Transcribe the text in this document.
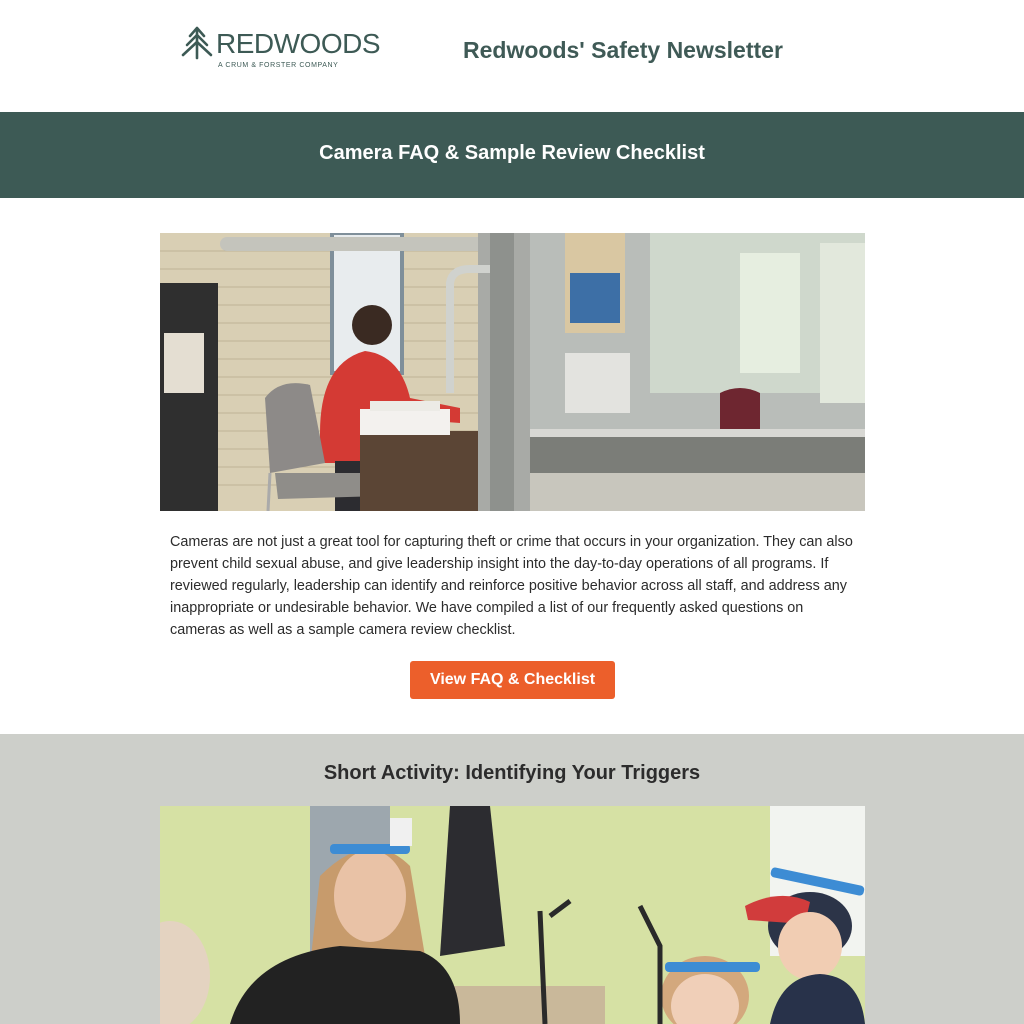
REDWOODS
A CRUM & FORSTER COMPANY
Redwoods' Safety Newsletter
Camera FAQ & Sample Review Checklist
Cameras are not just a great tool for capturing theft or crime that occurs in your organization. They can also prevent child sexual abuse, and give leadership insight into the day-to-day operations of all programs. If reviewed regularly, leadership can identify and reinforce positive behavior across all staff, and address any inappropriate or undesirable behavior. We have compiled a list of our frequently asked questions on cameras as well as a sample camera review checklist.
View FAQ & Checklist
Short Activity: Identifying Your Triggers
